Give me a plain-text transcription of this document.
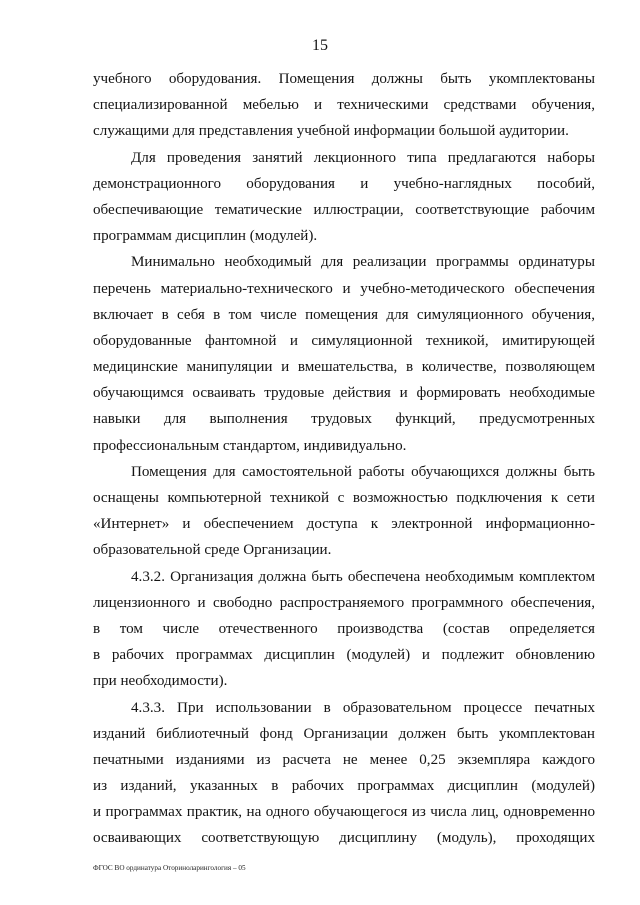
15
учебного оборудования. Помещения должны быть укомплектованы
специализированной мебелью и техническими средствами обучения,
служащими для представления учебной информации большой аудитории.
Для проведения занятий лекционного типа предлагаются наборы
демонстрационного оборудования и учебно-наглядных пособий,
обеспечивающие тематические иллюстрации, соответствующие рабочим
программам дисциплин (модулей).
Минимально необходимый для реализации программы ординатуры
перечень материально-технического и учебно-методического обеспечения
включает в себя в том числе помещения для симуляционного обучения,
оборудованные фантомной и симуляционной техникой, имитирующей
медицинские манипуляции и вмешательства, в количестве, позволяющем
обучающимся осваивать трудовые действия и формировать необходимые
навыки для выполнения трудовых функций, предусмотренных
профессиональным стандартом, индивидуально.
Помещения для самостоятельной работы обучающихся должны быть
оснащены компьютерной техникой с возможностью подключения к сети
«Интернет» и обеспечением доступа к электронной информационно-
образовательной среде Организации.
4.3.2. Организация должна быть обеспечена необходимым комплектом
лицензионного и свободно распространяемого программного обеспечения,
в том числе отечественного производства (состав определяется
в рабочих программах дисциплин (модулей) и подлежит обновлению
при необходимости).
4.3.3. При использовании в образовательном процессе печатных
изданий библиотечный фонд Организации должен быть укомплектован
печатными изданиями из расчета не менее 0,25 экземпляра каждого
из изданий, указанных в рабочих программах дисциплин (модулей)
и программах практик, на одного обучающегося из числа лиц, одновременно
осваивающих соответствующую дисциплину (модуль), проходящих
ФГОС ВО ординатура Оториноларингология – 05
